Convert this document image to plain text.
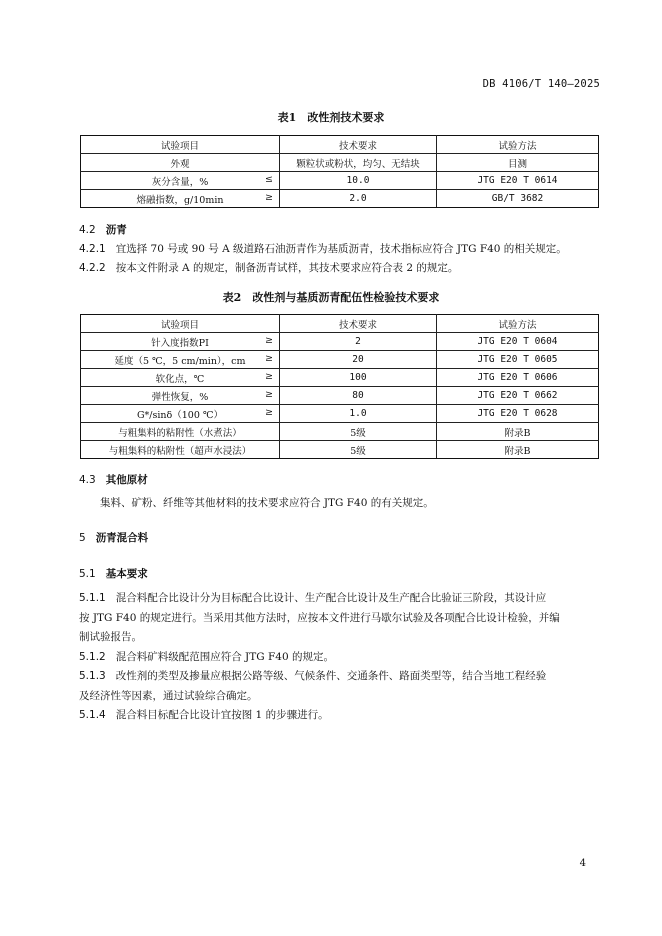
DB 4106/T 140—2025
表1　改性剂技术要求
试验项目	技术要求	试验方法
外观	颗粒状或粉状，均匀、无结块	目测
灰分含量，% ≤	10.0	JTG E20 T 0614
熔融指数，g/10min ≥	2.0	GB/T 3682
4.2 沥青
4.2.1 宜选择 70 号或 90 号 A 级道路石油沥青作为基质沥青，技术指标应符合 JTG F40 的相关规定。
4.2.2 按本文件附录 A 的规定，制备沥青试样，其技术要求应符合表 2 的规定。
表2　改性剂与基质沥青配伍性检验技术要求
试验项目	技术要求	试验方法
针入度指数PI ≥	2	JTG E20 T 0604
延度（5 ℃，5 cm/min），cm ≥	20	JTG E20 T 0605
软化点，℃ ≥	100	JTG E20 T 0606
弹性恢复，% ≥	80	JTG E20 T 0662
G*/sinδ（100 ℃） ≥	1.0	JTG E20 T 0628
与粗集料的粘附性（水煮法）	5级	附录B
与粗集料的粘附性（超声水浸法）	5级	附录B
4.3 其他原材
集料、矿粉、纤维等其他材料的技术要求应符合 JTG F40 的有关规定。
5 沥青混合料
5.1 基本要求
5.1.1 混合料配合比设计分为目标配合比设计、生产配合比设计及生产配合比验证三阶段，其设计应
按 JTG F40 的规定进行。当采用其他方法时，应按本文件进行马歇尔试验及各项配合比设计检验，并编
制试验报告。
5.1.2 混合料矿料级配范围应符合 JTG F40 的规定。
5.1.3 改性剂的类型及掺量应根据公路等级、气候条件、交通条件、路面类型等，结合当地工程经验
及经济性等因素，通过试验综合确定。
5.1.4 混合料目标配合比设计宜按图 1 的步骤进行。
4
